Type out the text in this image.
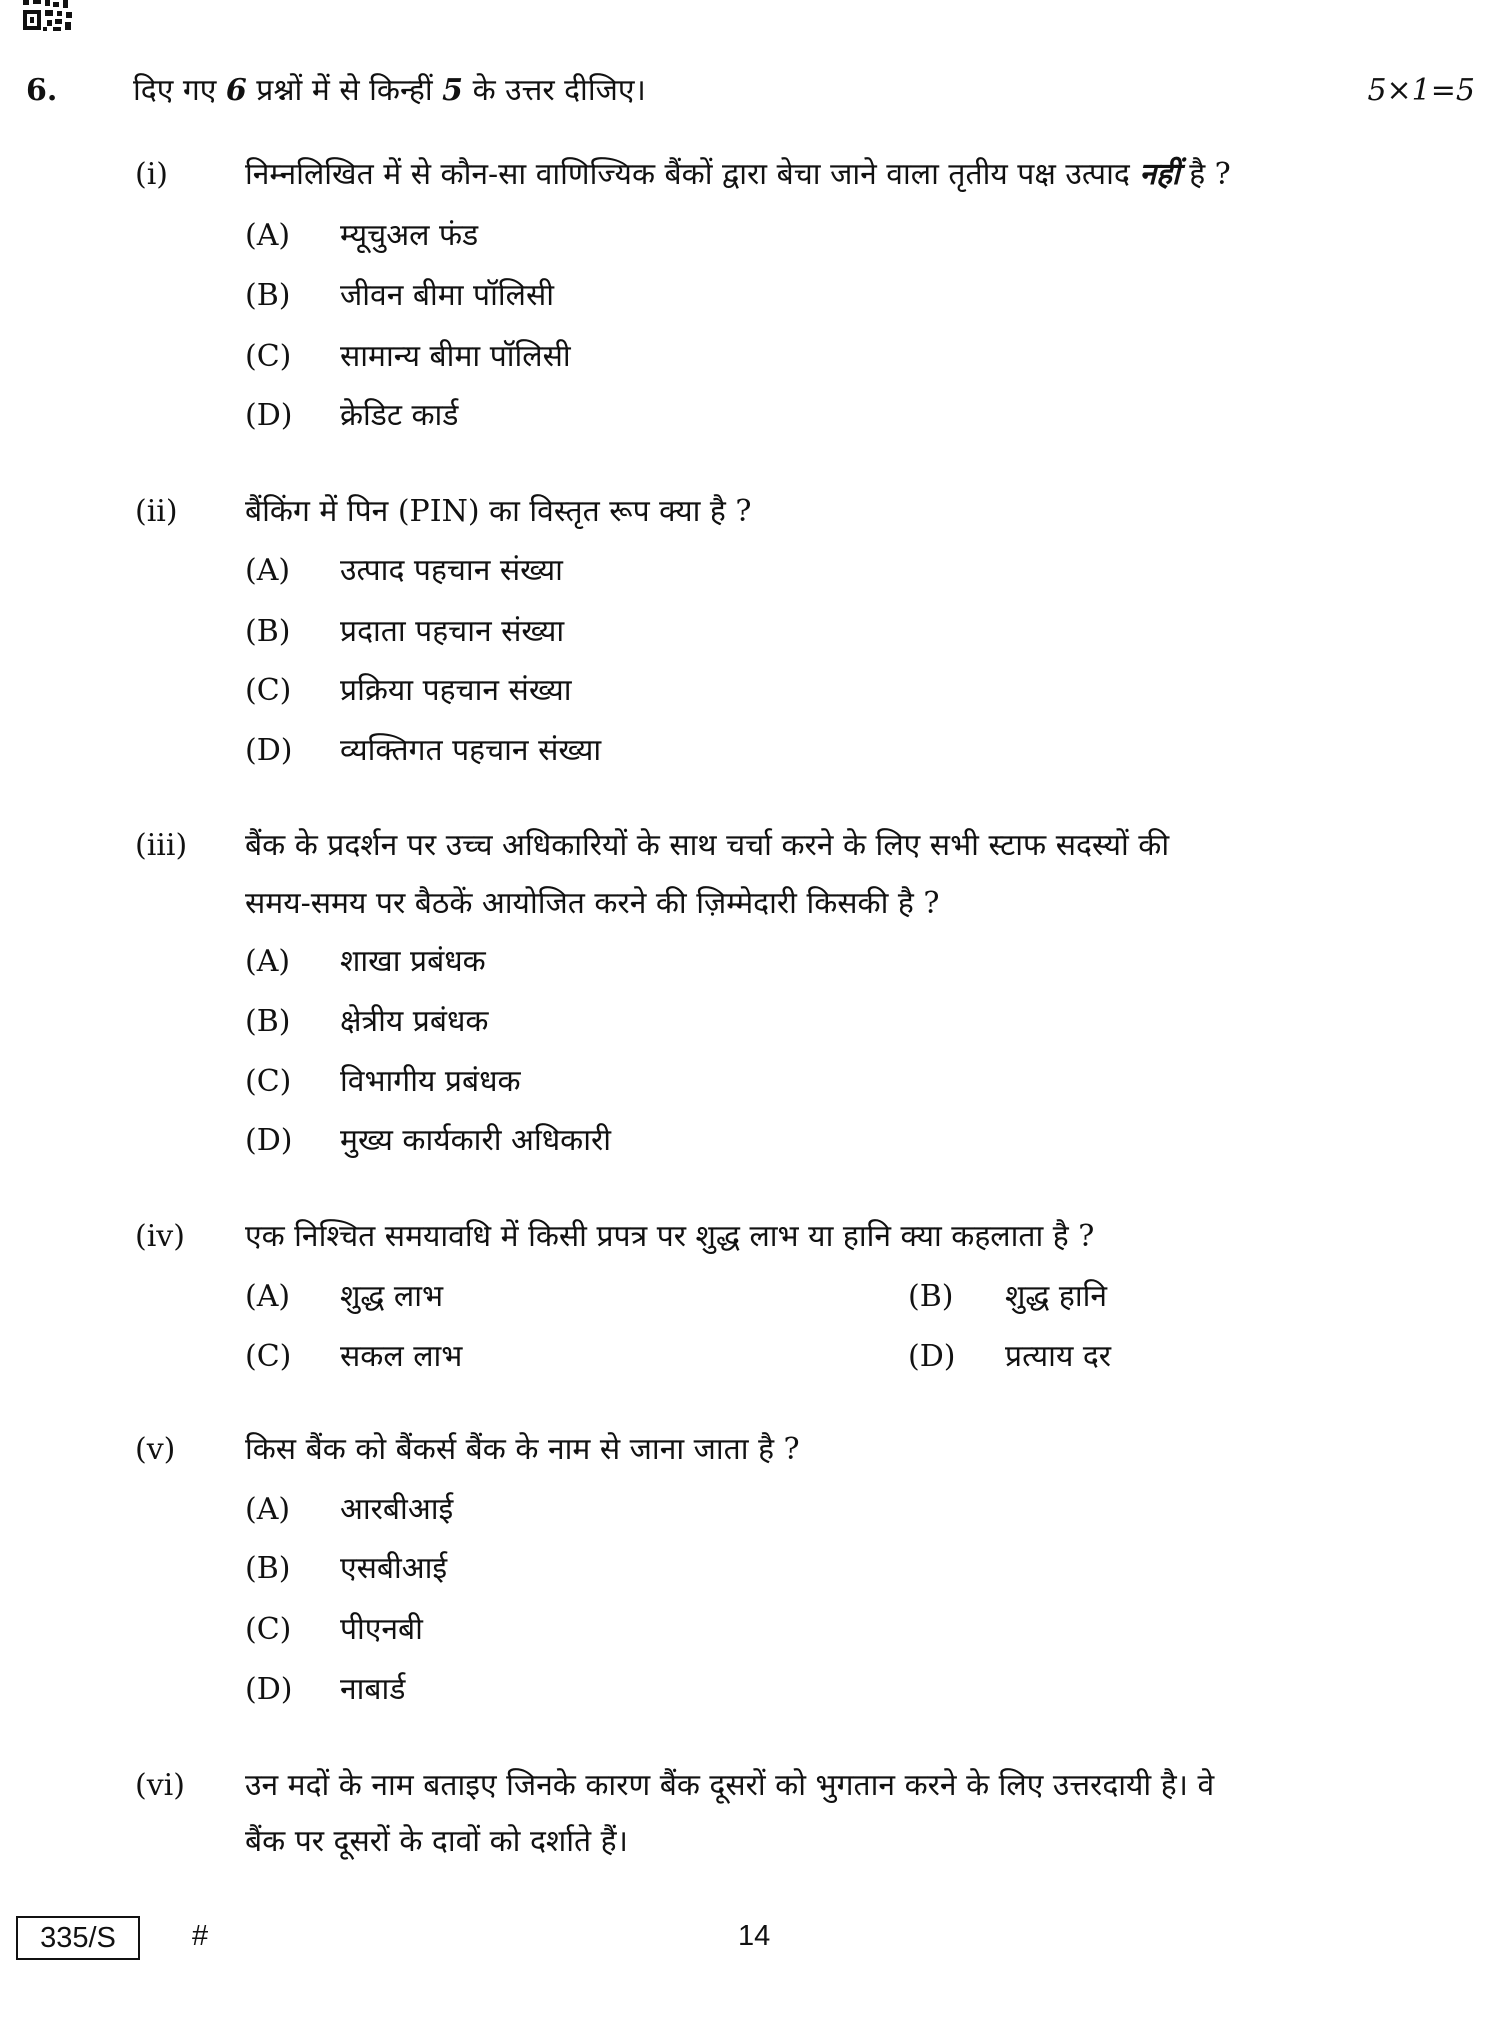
6.	दिए गए 6 प्रश्नों में से किन्हीं 5 के उत्तर दीजिए।	5×1=5
(i)	निम्नलिखित में से कौन-सा वाणिज्यिक बैंकों द्वारा बेचा जाने वाला तृतीय पक्ष उत्पाद नहीं है ?
(A) म्यूचुअल फंड
(B) जीवन बीमा पॉलिसी
(C) सामान्य बीमा पॉलिसी
(D) क्रेडिट कार्ड
(ii) बैंकिंग में पिन (PIN) का विस्तृत रूप क्या है ?
(A) उत्पाद पहचान संख्या
(B) प्रदाता पहचान संख्या
(C) प्रक्रिया पहचान संख्या
(D) व्यक्तिगत पहचान संख्या
(iii) बैंक के प्रदर्शन पर उच्च अधिकारियों के साथ चर्चा करने के लिए सभी स्टाफ सदस्यों की
समय-समय पर बैठकें आयोजित करने की ज़िम्मेदारी किसकी है ?
(A) शाखा प्रबंधक
(B) क्षेत्रीय प्रबंधक
(C) विभागीय प्रबंधक
(D) मुख्य कार्यकारी अधिकारी
(iv) एक निश्चित समयावधि में किसी प्रपत्र पर शुद्ध लाभ या हानि क्या कहलाता है ?
(A) शुद्ध लाभ	(B) शुद्ध हानि
(C) सकल लाभ	(D) प्रत्याय दर
(v) किस बैंक को बैंकर्स बैंक के नाम से जाना जाता है ?
(A) आरबीआई
(B) एसबीआई
(C) पीएनबी
(D) नाबार्ड
(vi) उन मदों के नाम बताइए जिनके कारण बैंक दूसरों को भुगतान करने के लिए उत्तरदायी है। वे
बैंक पर दूसरों के दावों को दर्शाते हैं।
335/S	#	14
